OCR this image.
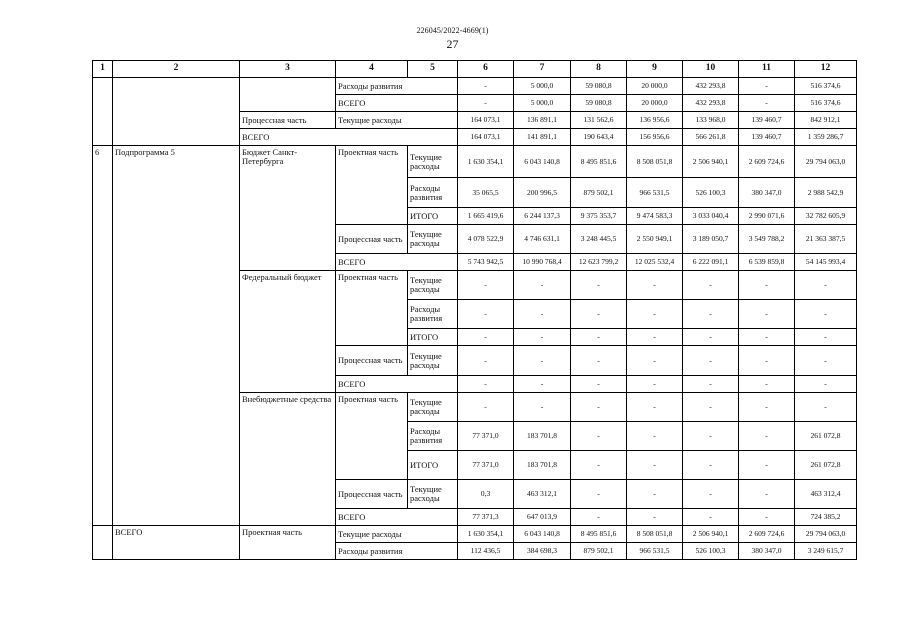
226045/2022-4669(1)
27
1	2	3	4	5	6	7	8	9	10	11	12
			Расходы развития		-	5 000,0	59 080,8	20 000,0	432 293,8	-	516 374,6
			ВСЕГО		-	5 000,0	59 080,8	20 000,0	432 293,8	-	516 374,6
		Процессная часть	Текущие расходы		164 073,1	136 891,1	131 562,6	136 956,6	133 968,0	139 460,7	842 912,1
		ВСЕГО			164 073,1	141 891,1	190 643,4	156 956,6	566 261,8	139 460,7	1 359 286,7
6	Подпрограмма 5	Бюджет Санкт-Петербурга	Проектная часть	Текущие расходы	1 630 354,1	6 043 140,8	8 495 851,6	8 508 051,8	2 506 940,1	2 609 724,6	29 794 063,0
				Расходы развития	35 065,5	200 996,5	879 502,1	966 531,5	526 100,3	380 347,0	2 988 542,9
				ИТОГО	1 665 419,6	6 244 137,3	9 375 353,7	9 474 583,3	3 033 040,4	2 990 071,6	32 782 605,9
			Процессная часть	Текущие расходы	4 078 522,9	4 746 631,1	3 248 445,5	2 550 949,1	3 189 050,7	3 549 788,2	21 363 387,5
			ВСЕГО		5 743 942,5	10 990 768,4	12 623 799,2	12 025 532,4	6 222 091,1	6 539 859,8	54 145 993,4
		Федеральный бюджет	Проектная часть	Текущие расходы	-	-	-	-	-	-	-
				Расходы развития	-	-	-	-	-	-	-
				ИТОГО	-	-	-	-	-	-	-
			Процессная часть	Текущие расходы	-	-	-	-	-	-	-
			ВСЕГО		-	-	-	-	-	-	-
		Внебюджетные средства	Проектная часть	Текущие расходы	-	-	-	-	-	-	-
				Расходы развития	77 371,0	183 701,8	-	-	-	-	261 072,8
				ИТОГО	77 371,0	183 701,8	-	-	-	-	261 072,8
			Процессная часть	Текущие расходы	0,3	463 312,1	-	-	-	-	463 312,4
			ВСЕГО		77 371,3	647 013,9	-	-	-	-	724 385,2
	ВСЕГО	Проектная часть	Текущие расходы		1 630 354,1	6 043 140,8	8 495 851,6	8 508 051,8	2 506 940,1	2 609 724,6	29 794 063,0
			Расходы развития		112 436,5	384 698,3	879 502,1	966 531,5	526 100,3	380 347,0	3 249 615,7
